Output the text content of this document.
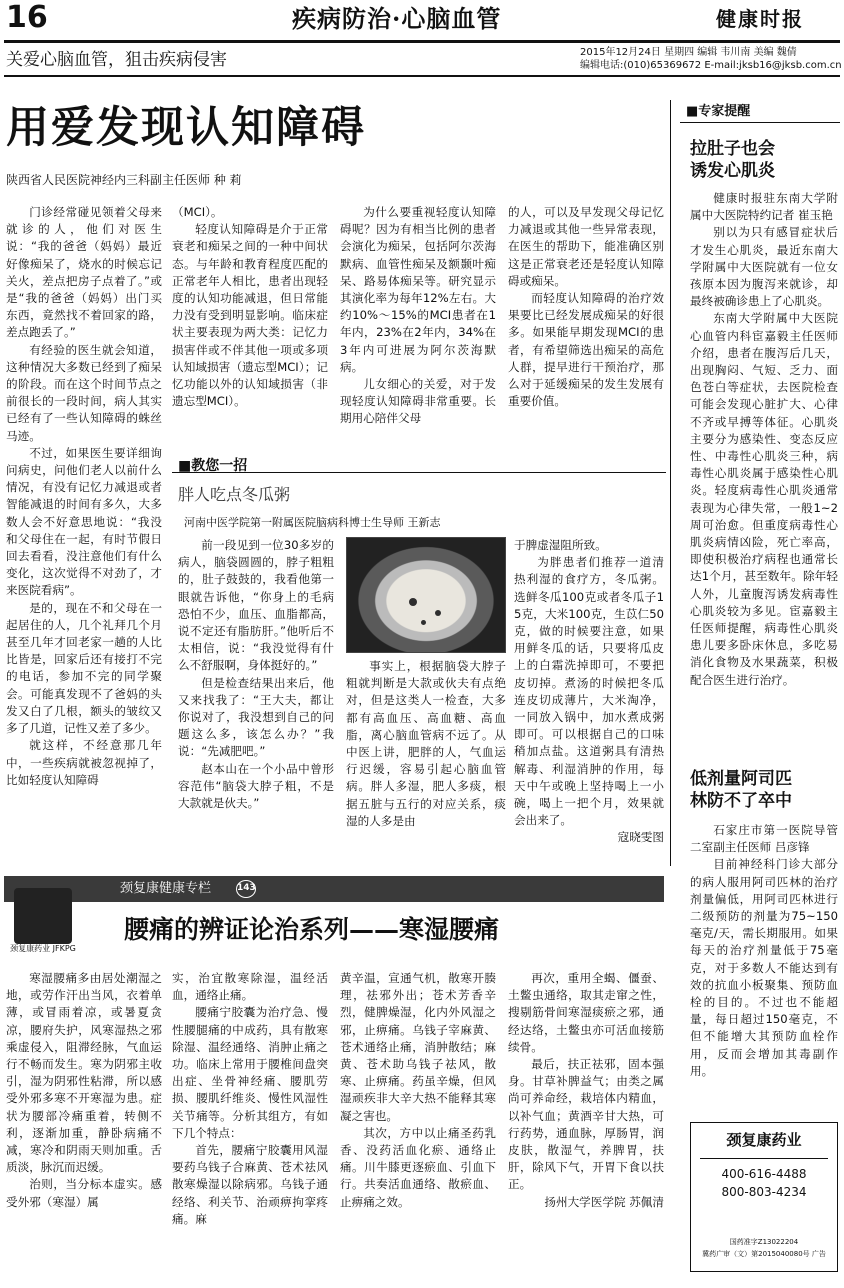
16	疾病防治·心脑血管	健康时报
关爱心脑血管，狙击疾病侵害	2015年12月24日 星期四 编辑 韦川南 美编 魏倩
编辑电话:(010)65369672 E-mail:jksb16@jksb.com.cn
用爱发现认知障碍
陕西省人民医院神经内三科副主任医师 种 莉

门诊经常碰见领着父母来就诊的人，他们对医生说：“我的爸爸（妈妈）最近好像痴呆了，烧水的时候忘记关火，差点把房子点着了。”或是“我的爸爸（妈妈）出门买东西，竟然找不着回家的路，差点跑丢了。”

有经验的医生就会知道，这种情况大多数已经到了痴呆的阶段。而在这个时间节点之前很长的一段时间，病人其实已经有了一些认知障碍的蛛丝马迹。

不过，如果医生要详细询问病史，问他们老人以前什么情况，有没有记忆力减退或者智能减退的时间有多久，大多数人会不好意思地说：“我没和父母住在一起，有时节假日回去看看，没注意他们有什么变化，这次觉得不对劲了，才来医院看病”。

是的，现在不和父母在一起居住的人，几个礼拜几个月甚至几年才回老家一趟的人比比皆是，回家后还有接打不完的电话，参加不完的同学聚会。可能真发现不了爸妈的头发又白了几根，额头的皱纹又多了几道，记性又差了多少。

就这样，不经意那几年中，一些疾病就被忽视掉了，比如轻度认知障碍

（MCI）。

轻度认知障碍是介于正常衰老和痴呆之间的一种中间状态。与年龄和教育程度匹配的正常老年人相比，患者出现轻度的认知功能减退，但日常能力没有受到明显影响。临床症状主要表现为两大类：记忆力损害伴或不伴其他一项或多项认知域损害（遗忘型MCI）；记忆功能以外的认知域损害（非遗忘型MCI）。

为什么要重视轻度认知障碍呢？因为有相当比例的患者会演化为痴呆，包括阿尔茨海默病、血管性痴呆及额颞叶痴呆、路易体痴呆等。研究显示其演化率为每年12%左右。大约10%～15%的MCI患者在1年内，23%在2年内，34%在3年内可进展为阿尔茨海默病。

儿女细心的关爱，对于发现轻度认知障碍非常重要。长期用心陪伴父母

的人，可以及早发现父母记忆力减退或其他一些异常表现，在医生的帮助下，能准确区别这是正常衰老还是轻度认知障碍或痴呆。

而轻度认知障碍的治疗效果要比已经发展成痴呆的好很多。如果能早期发现MCI的患者，有希望筛选出痴呆的高危人群，提早进行干预治疗，那么对于延缓痴呆的发生发展有重要价值。

■教您一招
胖人吃点冬瓜粥
河南中医学院第一附属医院脑病科博士生导师 王新志

前一段见到一位30多岁的病人，脑袋圆圆的，脖子粗粗的，肚子鼓鼓的，我看他第一眼就告诉他，“你身上的毛病恐怕不少，血压、血脂都高，说不定还有脂肪肝。”他听后不太相信，说：“我没觉得有什么不舒服啊，身体挺好的。”

但是检查结果出来后，他又来找我了：“王大夫，都让你说对了，我没想到自己的问题这么多，该怎么办？”我说：“先减肥吧。”

赵本山在一个小品中曾形容范伟“脑袋大脖子粗，不是大款就是伙夫。”

事实上，根据脑袋大脖子粗就判断是大款或伙夫有点绝对，但是这类人一检查，大多都有高血压、高血糖、高血脂，离心脑血管病不远了。从中医上讲，肥胖的人，气血运行迟缓，容易引起心脑血管病。胖人多湿，肥人多痰，根据五脏与五行的对应关系，痰湿的人多是由

于脾虚湿阻所致。

为胖患者们推荐一道清热利湿的食疗方，冬瓜粥。选鲜冬瓜100克或者冬瓜子15克，大米100克，生苡仁50克，做的时候要注意，如果用鲜冬瓜的话，只要将瓜皮上的白霜洗掉即可，不要把皮切掉。煮汤的时候把冬瓜连皮切成薄片，大米淘净，一同放入锅中，加水煮成粥即可。可以根据自己的口味稍加点盐。这道粥具有清热解毒、利湿消肿的作用，每天中午或晚上坚持喝上一小碗，喝上一把个月，效果就会出来了。

寇晓雯图

颈复康健康专栏	143
颈复康药业 JFKPG
腰痛的辨证论治系列——寒湿腰痛

寒湿腰痛多由居处潮湿之地，或劳作汗出当风，衣着单薄，或冒雨着凉，或暑夏贪凉，腰府失护，风寒湿热之邪乘虚侵入，阻滞经脉，气血运行不畅而发生。寒为阴邪主收引，湿为阴邪性粘滞，所以感受外邪多寒不开寒湿为患。症状为腰部冷痛重着，转侧不利，逐渐加重，静卧病痛不减，寒冷和阴雨天则加重。舌质淡，脉沉而迟缓。

治则，当分标本虚实。感受外邪（寒湿）属

实，治宜散寒除湿，温经活血，通络止痛。

腰痛宁胶囊为治疗急、慢性腰腿痛的中成药，具有散寒除湿、温经通络、消肿止痛之功。临床上常用于腰椎间盘突出症、坐骨神经痛、腰肌劳损、腰肌纤维炎、慢性风湿性关节痛等。分析其组方，有如下几个特点：

首先，腰痛宁胶囊用风湿要药乌钱子合麻黄、苍术祛风散寒燥湿以除病邪。乌钱子通经络、利关节、治顽痹拘挛疼痛。麻

黄辛温，宣通气机，散寒开腠理，祛邪外出；苍术芳香辛烈，健脾燥湿，化内外风湿之邪，止痹痛。乌钱子宰麻黄、苍术通络止痛，消肿散结；麻黄、苍术助乌钱子祛风，散寒、止痹痛。药虽辛燥，但风湿顽疾非大辛大热不能释其寒凝之害也。

其次，方中以止痛圣药乳香、没药活血化瘀、通络止痛。川牛膝更逐瘀血、引血下行。共奏活血通络、散瘀血、止痹痛之效。

再次，重用全蝎、僵蚕、土鳖虫通络，取其走窜之性，搜剔筋骨间寒湿痰瘀之邪，通经达络，土鳖虫亦可活血接筋续骨。

最后，扶正祛邪，固本强身。甘草补脾益气；由类之属尚可养命经，栽培体内精血，以补气血；黄酒辛甘大热，可行药势，通血脉，厚肠胃，润皮肤，散湿气，养脾胃，扶肝，除风下气，开胃下食以扶正。

扬州大学医学院 苏佩清

■专家提醒
拉肚子也会
诱发心肌炎

健康时报驻东南大学附属中大医院特约记者 崔玉艳

别以为只有感冒症状后才发生心肌炎，最近东南大学附属中大医院就有一位女孩原本因为腹泻来就诊，却最终被确诊患上了心肌炎。

东南大学附属中大医院心血管内科宦嘉毅主任医师介绍，患者在腹泻后几天，出现胸闷、气短、乏力、面色苍白等症状，去医院检查可能会发现心脏扩大、心律不齐或早搏等体征。心肌炎主要分为感染性、变态反应性、中毒性心肌炎三种，病毒性心肌炎属于感染性心肌炎。轻度病毒性心肌炎通常表现为心律失常，一般1~2周可治愈。但重度病毒性心肌炎病情凶险，死亡率高，即使积极治疗病程也通常长达1个月，甚至数年。除年轻人外，儿童腹泻诱发病毒性心肌炎较为多见。宦嘉毅主任医师提醒，病毒性心肌炎患儿要多卧床休息，多吃易消化食物及水果蔬菜，积极配合医生进行治疗。

低剂量阿司匹
林防不了卒中

石家庄市第一医院导管二室副主任医师 吕彦锋

目前神经科门诊大部分的病人服用阿司匹林的治疗剂量偏低，用阿司匹林进行二级预防的剂量为75~150毫克/天，需长期服用。如果每天的治疗剂量低于75毫克，对于多数人不能达到有效的抗血小板聚集、预防血栓的目的。不过也不能超量，每日超过150毫克，不但不能增大其预防血栓作用，反而会增加其毒副作用。

颈复康药业
400-616-4488
800-803-4234
国药准字Z13022204
冀药广审（文）第2015040080号 广告
